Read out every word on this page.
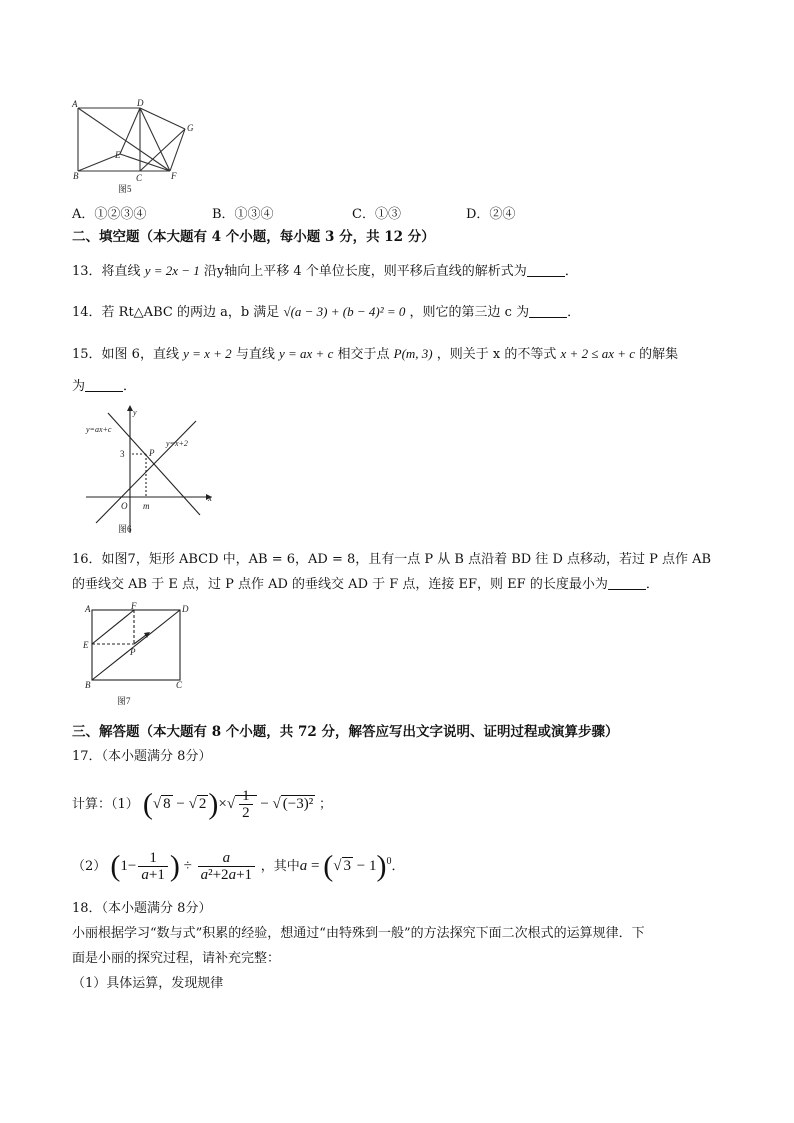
A	D
G
E
B	C	F
图5
A．①②③④	B．①③④	C．①③	D．②④
二、填空题（本大题有 4 个小题，每小题 3 分，共 12 分）
13．将直线 y = 2x − 1 沿y轴向上平移 4 个单位长度，则平移后直线的解析式为	．
14．若 Rt△ABC 的两边 a，b 满足 √(a − 3) + (b − 4)² = 0 ，则它的第三边 c 为	．
15．如图 6，直线 y = x + 2 与直线 y = ax + c 相交于点 P(m, 3) ，则关于 x 的不等式 x + 2 ≤ ax + c 的解集
为	．
y=ax+c
y=x+2
3	P
O m
x
y
图6
16．如图7，矩形 ABCD 中，AB = 6，AD = 8，且有一点 P 从 B 点沿着 BD 往 D 点移动，若过 P 点作 AB
的垂线交 AB 于 E 点，过 P 点作 AD 的垂线交 AD 于 F 点，连接 EF，则 EF 的长度最小为	．
A	F	D
E
P
B	C
图7
三、解答题（本大题有 8 个小题，共 72 分，解答应写出文字说明、证明过程或演算步骤）
17．（本小题满分 8分）
计算：（1） (√ 8 − √ $2)\times√ \frac{1}{2}$ − √ (−3)² ；
（2） ($1- \frac{1}{a+1}$ ) ÷ $\frac{a}{\text{a²+2a+1}}$ ，其中a = (√ 3 − 1)$^0$．
18．（本小题满分 8分）
小丽根据学习“数与式”积累的经验，想通过“由特殊到一般”的方法探究下面二次根式的运算规律．下
面是小丽的探究过程，请补充完整：
（1）具体运算，发现规律
